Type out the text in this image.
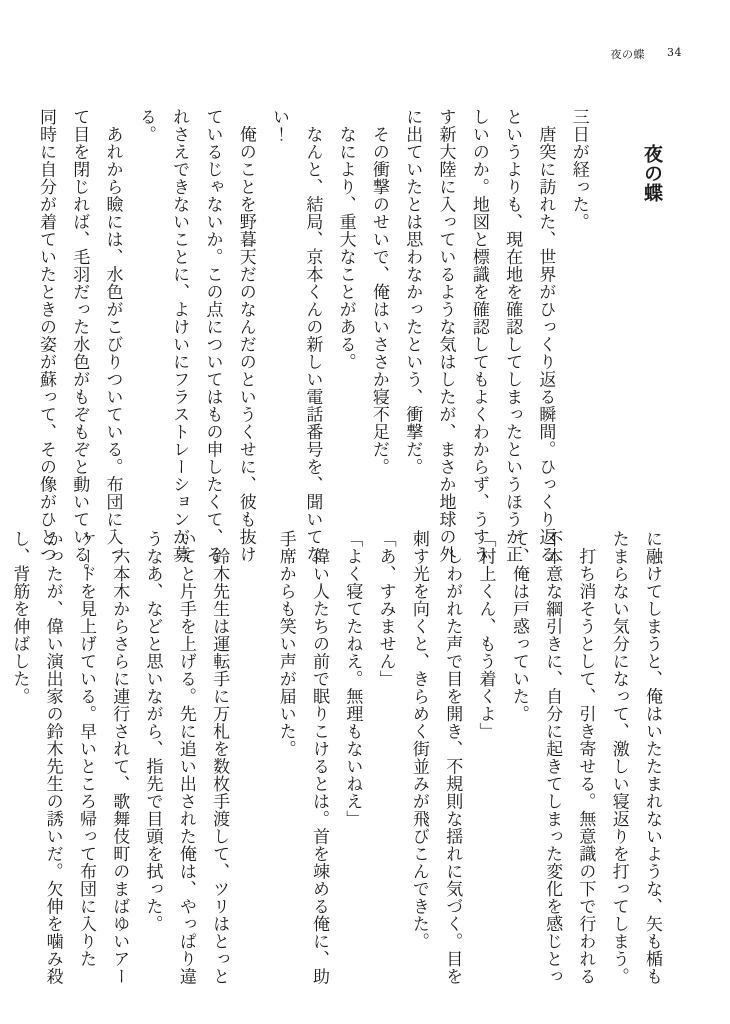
夜の蝶 34
夜の蝶

三日が経った。

　唐突に訪れた、世界がひっくり返る瞬間。ひっくり返る

というよりも、現在地を確認してしまったというほうが正

しいのか。地図と標識を確認してもよくわからず、うすう

す新大陸に入っているような気はしたが、まさか地球の外

に出ていたとは思わなかったという、衝撃だ。

　その衝撃のせいで、俺はいささか寝不足だ。

　なにより、重大なことがある。

　なんと、結局、京本くんの新しい電話番号を、聞いてな

い！

　俺のことを野暮天だのなんだのというくせに、彼も抜け

ているじゃないか。この点についてはもの申したくて、そ

れさえできないことに、よけいにフラストレーションが募

る。

　あれから瞼には、水色がこびりついている。布団に入っ

て目を閉じれば、毛羽だった水色がもぞもぞと動いている。

同時に自分が着ていたときの姿が蘇って、その像がひとつ

に融けてしまうと、俺はいたたまれないような、矢も楯も

たまらない気分になって、激しい寝返りを打ってしまう。

　打ち消そうとして、引き寄せる。無意識の下で行われる

不本意な綱引きに、自分に起きてしまった変化を感じとっ

て、俺は戸惑っていた。

「村上くん、もう着くよ」

　しわがれた声で目を開き、不規則な揺れに気づく。目を

刺す光を向くと、きらめく街並みが飛びこんできた。

「あ、すみません」

「よく寝てたねえ。無理もないねえ」

　偉い人たちの前で眠りこけるとは。首を竦める俺に、助

手席からも笑い声が届いた。

　鈴木先生は運転手に万札を数枚手渡して、ツリはとっと

いてと片手を上げる。先に追い出された俺は、やっぱり違

うなあ、などと思いながら、指先で目頭を拭った。

　六本木からさらに連行されて、歌舞伎町のまばゆいアー

ケードを見上げている。早いところ帰って布団に入りた

かったが、偉い演出家の鈴木先生の誘いだ。欠伸を噛み殺

し、背筋を伸ばした。
